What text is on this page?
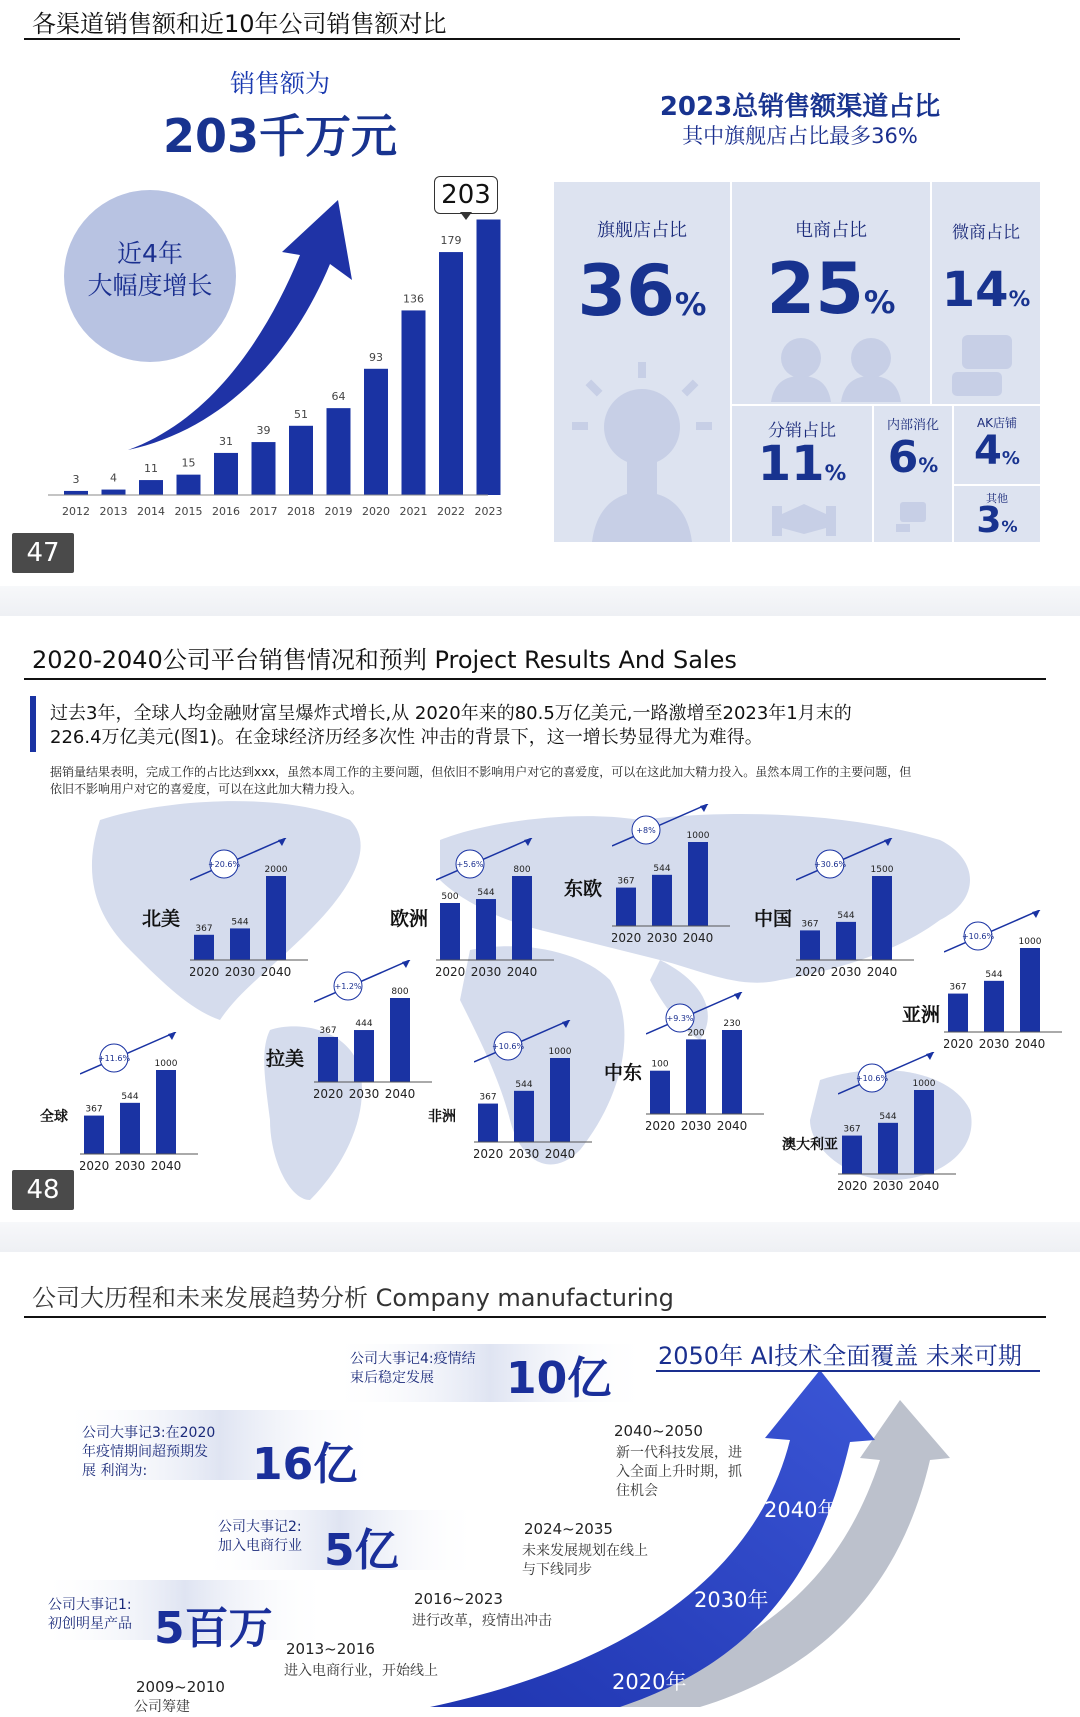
各渠道销售额和近10年公司销售额对比
销售额为
203千万元
近4年
大幅度增长
3
2012
4
2013
11
2014
15
2015
31
2016
39
2017
51
2018
64
2019
93
2020
136
2021
179
2022 2023
203
47
2023总销售额渠道占比
其中旗舰店占比最多36%
旗舰店占比
36%
电商占比
25%
微商占比
14%
分销占比
11%
内部消化
6%
AK店铺
4%
其他
3%
2020-2040公司平台销售情况和预判 Project Results And Sales
过去3年，全球人均金融财富呈爆炸式增长,从 2020年来的80.5万亿美元,一路激增至2023年1月末的
226.4万亿美元(图1)。在金球经济历经多次性 冲击的背景下，这一增长势显得尤为难得。
据销量结果表明，完成工作的占比达到xxx，虽然本周工作的主要问题，但依旧不影响用户对它的喜爱度，可以在这此加大精力投入。虽然本周工作的主要问题，但
依旧不影响用户对它的喜爱度，可以在这此加大精力投入。
北美
+20.6%
367
2020
544
2030
2000
2040
欧洲
+5.6%
500
2020
544
2030
800
2040
东欧
+8%
367
2020
544
2030
1000
2040
中国
+30.6%
367
2020
544
2030
1500
2040
亚洲
+10.6%
367
2020
544
2030
1000
2040
拉美
+1.2%
367
2020
444
2030
800
2040
非洲
+10.6%
367
2020
544
2030
1000
2040
中东
+9.3%
100
2020
200
2030
230
2040
全球
+11.6%
367
2020
544
2030
1000
2040
澳大利亚
+10.6%
367
2020
544
2030
1000
2040
48
公司大历程和未来发展趋势分析 Company manufacturing
2050年 AI技术全面覆盖 未来可期
公司大事记4:疫情结
束后稳定发展	10亿
公司大事记3:在2020
年疫情期间超预期发
展 利润为:	16亿
公司大事记2:
加入电商行业 5亿
公司大事记1:
初创明星产品 5百万
2040~2050
新一代科技发展，进
入全面上升时期，抓
住机会
2024~2035
未来发展规划在线上
与下线同步
2016~2023
进行改革，疫情出冲击
2013~2016
进入电商行业，开始线上
2009~2010
公司筹建
2040年
2030年
2020年
